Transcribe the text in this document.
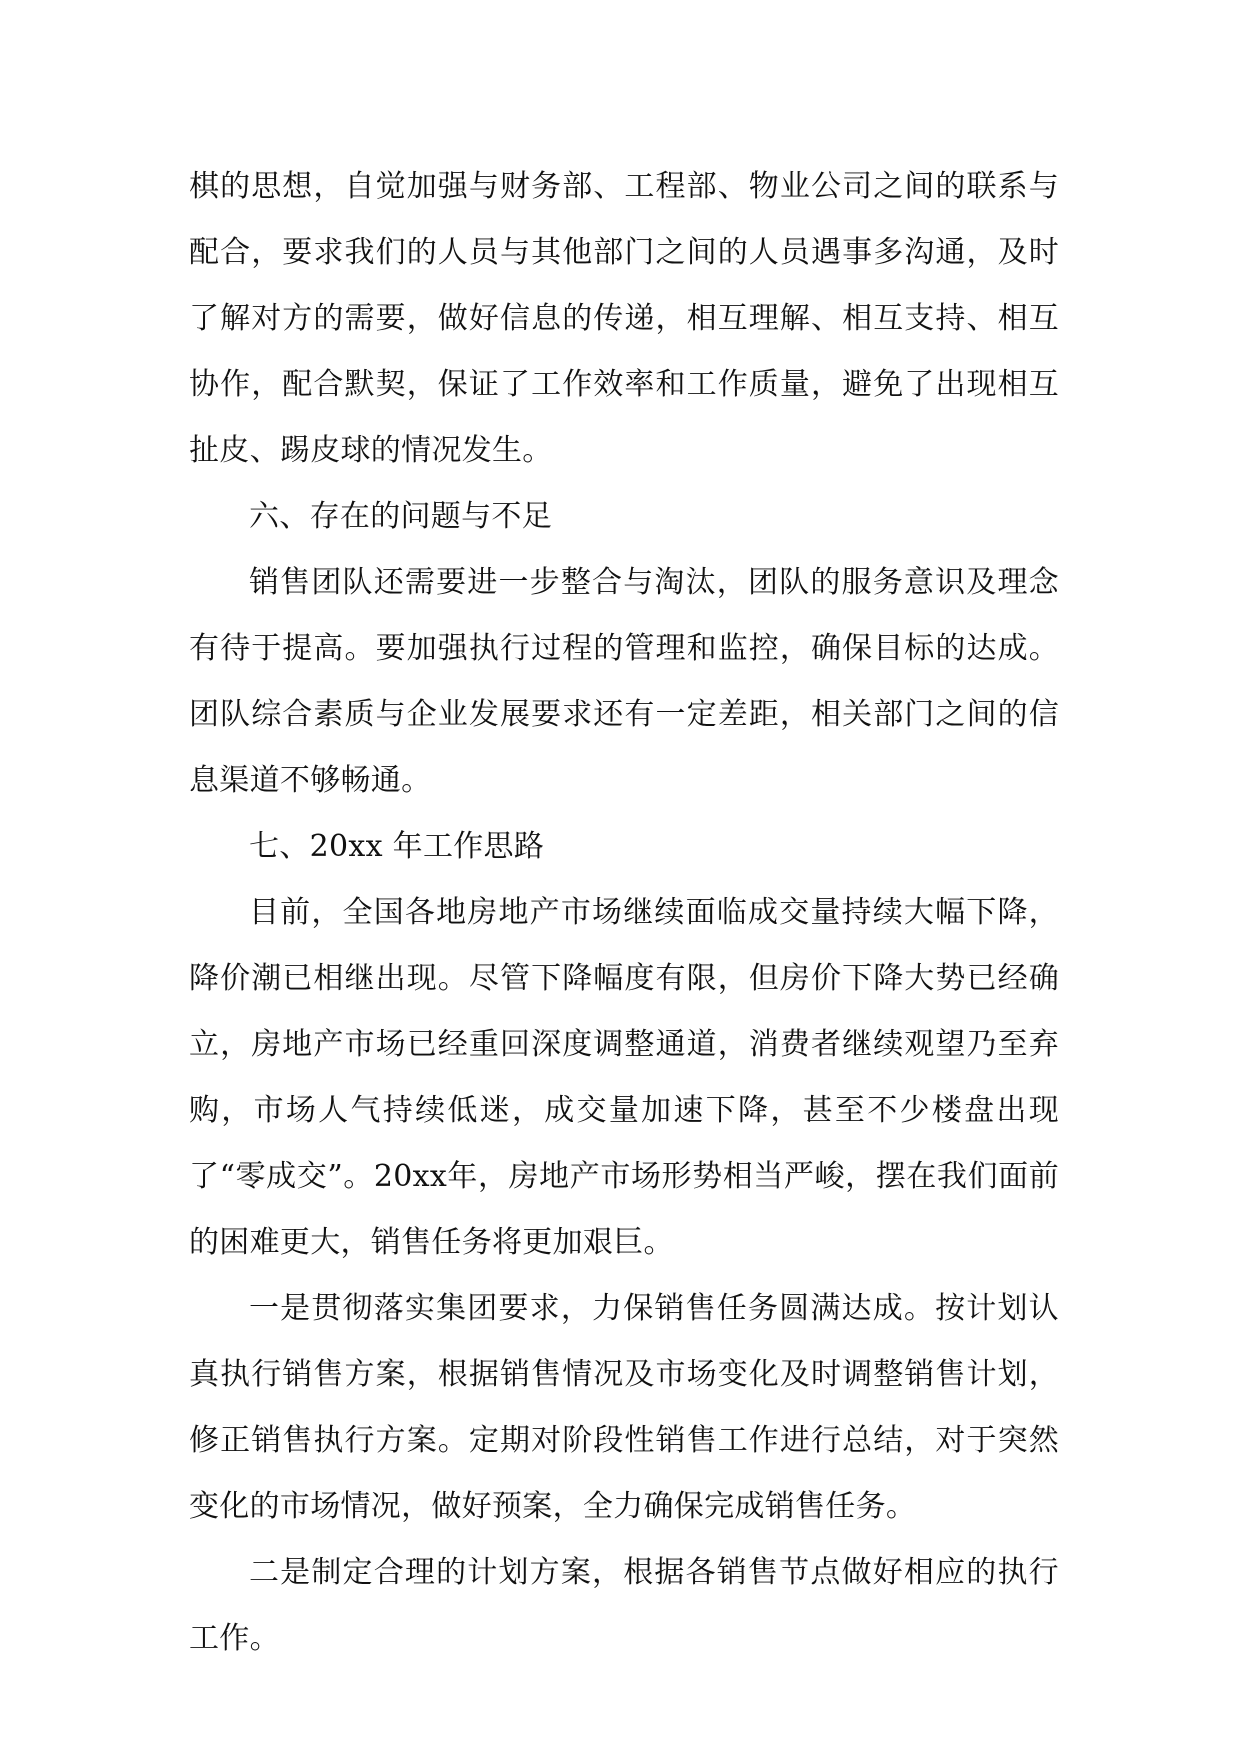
棋的思想，自觉加强与财务部、工程部、物业公司之间的联系与配合，要求我们的人员与其他部门之间的人员遇事多沟通，及时了解对方的需要，做好信息的传递，相互理解、相互支持、相互协作，配合默契，保证了工作效率和工作质量，避免了出现相互扯皮、踢皮球的情况发生。

六、存在的问题与不足

销售团队还需要进一步整合与淘汰，团队的服务意识及理念有待于提高。要加强执行过程的管理和监控，确保目标的达成。团队综合素质与企业发展要求还有一定差距，相关部门之间的信息渠道不够畅通。

七、20xx 年工作思路

目前，全国各地房地产市场继续面临成交量持续大幅下降，降价潮已相继出现。尽管下降幅度有限，但房价下降大势已经确立，房地产市场已经重回深度调整通道，消费者继续观望乃至弃购，市场人气持续低迷，成交量加速下降，甚至不少楼盘出现了“零成交”。20xx年，房地产市场形势相当严峻，摆在我们面前的困难更大，销售任务将更加艰巨。

一是贯彻落实集团要求，力保销售任务圆满达成。按计划认真执行销售方案，根据销售情况及市场变化及时调整销售计划，修正销售执行方案。定期对阶段性销售工作进行总结，对于突然变化的市场情况，做好预案，全力确保完成销售任务。

二是制定合理的计划方案，根据各销售节点做好相应的执行工作。
